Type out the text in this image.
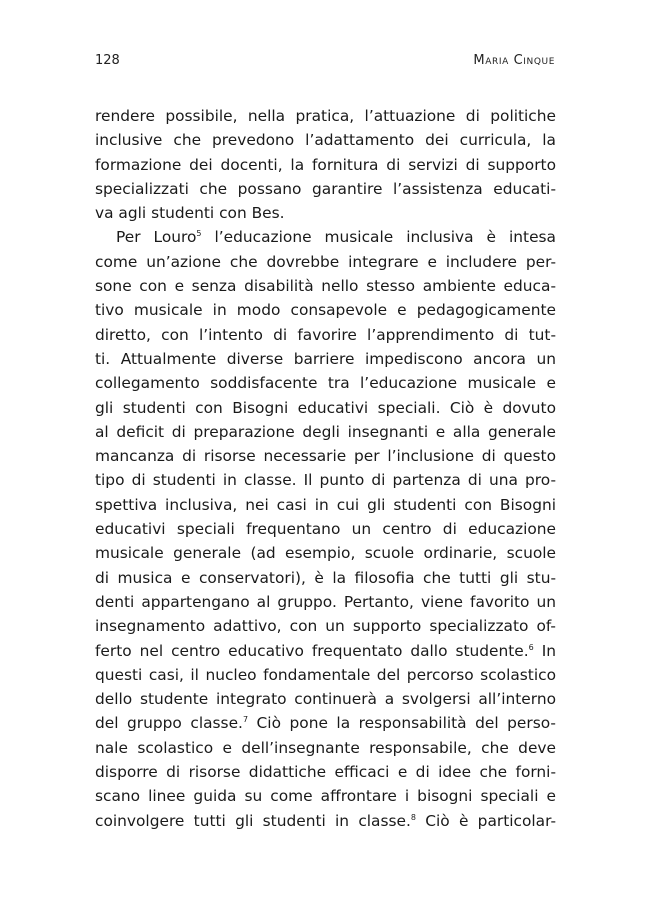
128	Maria Cinque
rendere possibile, nella pratica, l’attuazione di politiche
inclusive che prevedono l’adattamento dei curricula, la
formazione dei docenti, la fornitura di servizi di supporto
specializzati che possano garantire l’assistenza educati-
va agli studenti con Bes.
Per Louro$^5$ l’educazione musicale inclusiva è intesa
come un’azione che dovrebbe integrare e includere per-
sone con e senza disabilità nello stesso ambiente educa-
tivo musicale in modo consapevole e pedagogicamente
diretto, con l’intento di favorire l’apprendimento di tut-
ti. Attualmente diverse barriere impediscono ancora un
collegamento soddisfacente tra l’educazione musicale e
gli studenti con Bisogni educativi speciali. Ciò è dovuto
al deficit di preparazione degli insegnanti e alla generale
mancanza di risorse necessarie per l’inclusione di questo
tipo di studenti in classe. Il punto di partenza di una pro-
spettiva inclusiva, nei casi in cui gli studenti con Bisogni
educativi speciali frequentano un centro di educazione
musicale generale (ad esempio, scuole ordinarie, scuole
di musica e conservatori), è la filosofia che tutti gli stu-
denti appartengano al gruppo. Pertanto, viene favorito un
insegnamento adattivo, con un supporto specializzato of-
ferto nel centro educativo frequentato dallo studente.$^6$ In
questi casi, il nucleo fondamentale del percorso scolastico
dello studente integrato continuerà a svolgersi all’interno
del gruppo classe.$^7$ Ciò pone la responsabilità del perso-
nale scolastico e dell’insegnante responsabile, che deve
disporre di risorse didattiche efficaci e di idee che forni-
scano linee guida su come affrontare i bisogni speciali e
coinvolgere tutti gli studenti in classe.$^8$ Ciò è particolar-
